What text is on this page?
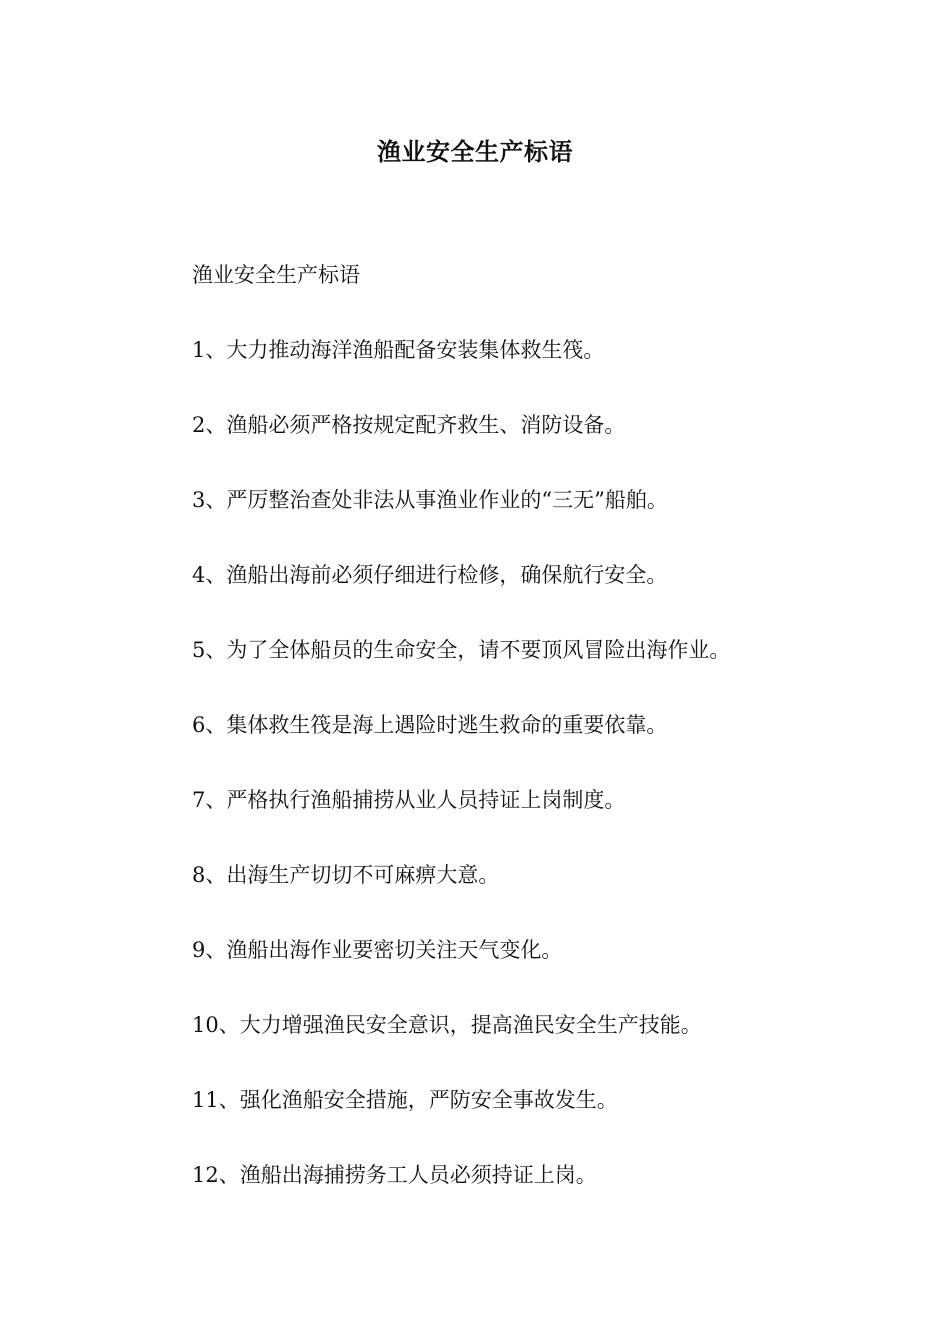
渔业安全生产标语

渔业安全生产标语

1、大力推动海洋渔船配备安装集体救生筏。
2、渔船必须严格按规定配齐救生、消防设备。
3、严厉整治查处非法从事渔业作业的“三无”船舶。
4、渔船出海前必须仔细进行检修，确保航行安全。
5、为了全体船员的生命安全，请不要顶风冒险出海作业。
6、集体救生筏是海上遇险时逃生救命的重要依靠。
7、严格执行渔船捕捞从业人员持证上岗制度。
8、出海生产切切不可麻痹大意。
9、渔船出海作业要密切关注天气变化。
10、大力增强渔民安全意识，提高渔民安全生产技能。
11、强化渔船安全措施，严防安全事故发生。
12、渔船出海捕捞务工人员必须持证上岗。
